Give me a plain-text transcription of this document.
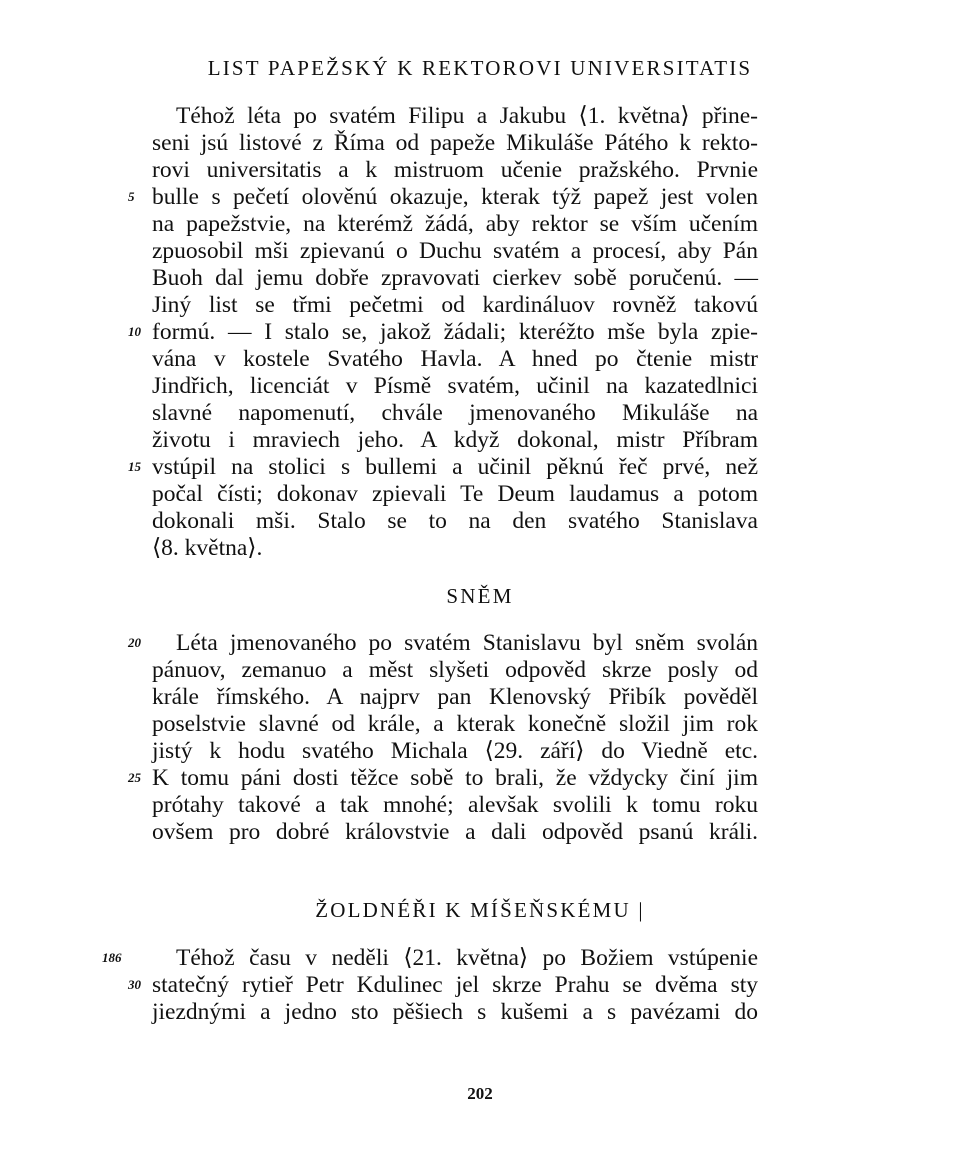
LIST PAPEŽSKÝ K REKTOROVI UNIVERSITATIS
Téhož léta po svatém Filipu a Jakubu ⟨1. května⟩ přine-
seni jsú listové z Říma od papeže Mikuláše Pátého k rekto-
rovi universitatis a k mistruom učenie pražského. Prvnie
5 bulle s pečetí olověnú okazuje, kterak týž papež jest volen
na papežstvie, na kterémž žádá, aby rektor se vším učením
zpuosobil mši zpievanú o Duchu svatém a procesí, aby Pán
Buoh dal jemu dobře zpravovati cierkev sobě poručenú. —
Jiný list se třmi pečetmi od kardináluov rovněž takovú
10 formú. — I stalo se, jakož žádali; kteréžto mše byla zpie-
vána v kostele Svatého Havla. A hned po čtenie mistr
Jindřich, licenciát v Písmě svatém, učinil na kazatedlnici
slavné napomenutí, chvále jmenovaného Mikuláše na
životu i mraviech jeho. A když dokonal, mistr Příbram
15 vstúpil na stolici s bullemi a učinil pěknú řeč prvé, než
počal čísti; dokonav zpievali Te Deum laudamus a potom
dokonali mši. Stalo se to na den svatého Stanislava
⟨8. května⟩.
SNĚM
20	Léta jmenovaného po svatém Stanislavu byl sněm svolán
pánuov, zemanuo a měst slyšeti odpověd skrze posly od
krále římského. A najprv pan Klenovský Přibík pověděl
poselstvie slavné od krále, a kterak konečně složil jim rok
jistý k hodu svatého Michala ⟨29. září⟩ do Viedně etc.
25 K tomu páni dosti těžce sobě to brali, že vždycky činí jim
prótahy takové a tak mnohé; alevšak svolili k tomu roku
ovšem pro dobré královstvie a dali odpověd psanú králi.
ŽOLDNÉŘI K MÍŠEŇSKÉMU |
186	Téhož času v neděli ⟨21. května⟩ po Božiem vstúpenie
30 statečný rytieř Petr Kdulinec jel skrze Prahu se dvěma sty
jiezdnými a jedno sto pěšiech s kušemi a s pavézami do
202
